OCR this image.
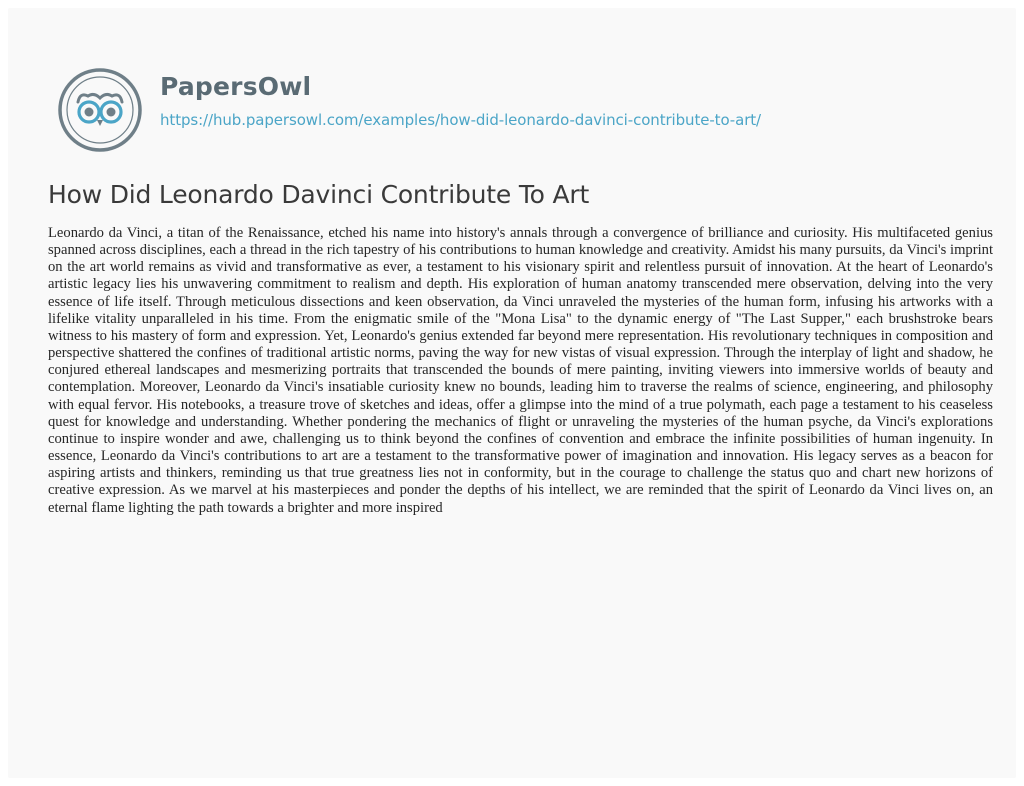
PapersOwl
https://hub.papersowl.com/examples/how-did-leonardo-davinci-contribute-to-art/
How Did Leonardo Davinci Contribute To Art

Leonardo da Vinci, a titan of the Renaissance, etched his name into history's annals through a convergence of brilliance and curiosity. His multifaceted genius spanned across disciplines, each a thread in the rich tapestry of his contributions to human knowledge and creativity. Amidst his many pursuits, da Vinci's imprint on the art world remains as vivid and transformative as ever, a testament to his visionary spirit and relentless pursuit of innovation. At the heart of Leonardo's artistic legacy lies his unwavering commitment to realism and depth. His exploration of human anatomy transcended mere observation, delving into the very essence of life itself. Through meticulous dissections and keen observation, da Vinci unraveled the mysteries of the human form, infusing his artworks with a lifelike vitality unparalleled in his time. From the enigmatic smile of the "Mona Lisa" to the dynamic energy of "The Last Supper," each brushstroke bears witness to his mastery of form and expression. Yet, Leonardo's genius extended far beyond mere representation. His revolutionary techniques in composition and perspective shattered the confines of traditional artistic norms, paving the way for new vistas of visual expression. Through the interplay of light and shadow, he conjured ethereal landscapes and mesmerizing portraits that transcended the bounds of mere painting, inviting viewers into immersive worlds of beauty and contemplation. Moreover, Leonardo da Vinci's insatiable curiosity knew no bounds, leading him to traverse the realms of science, engineering, and philosophy with equal fervor. His notebooks, a treasure trove of sketches and ideas, offer a glimpse into the mind of a true polymath, each page a testament to his ceaseless quest for knowledge and understanding. Whether pondering the mechanics of flight or unraveling the mysteries of the human psyche, da Vinci's explorations continue to inspire wonder and awe, challenging us to think beyond the confines of convention and embrace the infinite possibilities of human ingenuity. In essence, Leonardo da Vinci's contributions to art are a testament to the transformative power of imagination and innovation. His legacy serves as a beacon for aspiring artists and thinkers, reminding us that true greatness lies not in conformity, but in the courage to challenge the status quo and chart new horizons of creative expression. As we marvel at his masterpieces and ponder the depths of his intellect, we are reminded that the spirit of Leonardo da Vinci lives on, an eternal flame lighting the path towards a brighter and more inspired
